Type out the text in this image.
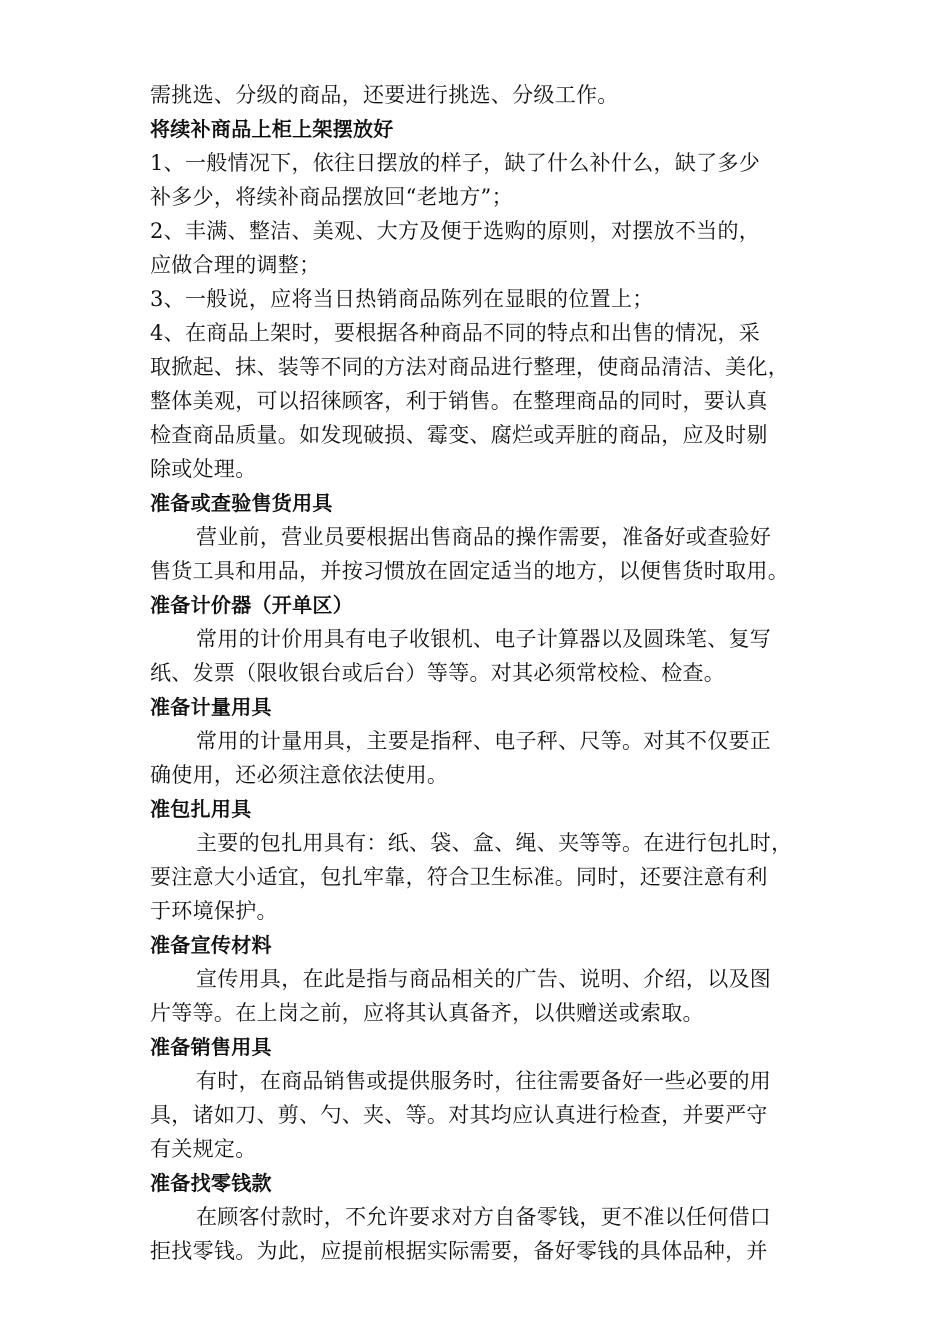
需挑选、分级的商品，还要进行挑选、分级工作。
将续补商品上柜上架摆放好
1、一般情况下，依往日摆放的样子，缺了什么补什么，缺了多少
补多少，将续补商品摆放回“老地方”；
2、丰满、整洁、美观、大方及便于选购的原则，对摆放不当的，
应做合理的调整；
3、一般说，应将当日热销商品陈列在显眼的位置上；
4、在商品上架时，要根据各种商品不同的特点和出售的情况，采
取掀起、抹、装等不同的方法对商品进行整理，使商品清洁、美化，
整体美观，可以招徕顾客，利于销售。在整理商品的同时，要认真
检查商品质量。如发现破损、霉变、腐烂或弄脏的商品，应及时剔
除或处理。
准备或查验售货用具
营业前，营业员要根据出售商品的操作需要，准备好或查验好
售货工具和用品，并按习惯放在固定适当的地方，以便售货时取用。
准备计价器（开单区）
常用的计价用具有电子收银机、电子计算器以及圆珠笔、复写
纸、发票（限收银台或后台）等等。对其必须常校检、检查。
准备计量用具
常用的计量用具，主要是指秤、电子秤、尺等。对其不仅要正
确使用，还必须注意依法使用。
准包扎用具
主要的包扎用具有：纸、袋、盒、绳、夹等等。在进行包扎时，
要注意大小适宜，包扎牢靠，符合卫生标准。同时，还要注意有利
于环境保护。
准备宣传材料
宣传用具，在此是指与商品相关的广告、说明、介绍，以及图
片等等。在上岗之前，应将其认真备齐，以供赠送或索取。
准备销售用具
有时，在商品销售或提供服务时，往往需要备好一些必要的用
具，诸如刀、剪、勺、夹、等。对其均应认真进行检查，并要严守
有关规定。
准备找零钱款
在顾客付款时，不允许要求对方自备零钱，更不准以任何借口
拒找零钱。为此，应提前根据实际需要，备好零钱的具体品种，并
